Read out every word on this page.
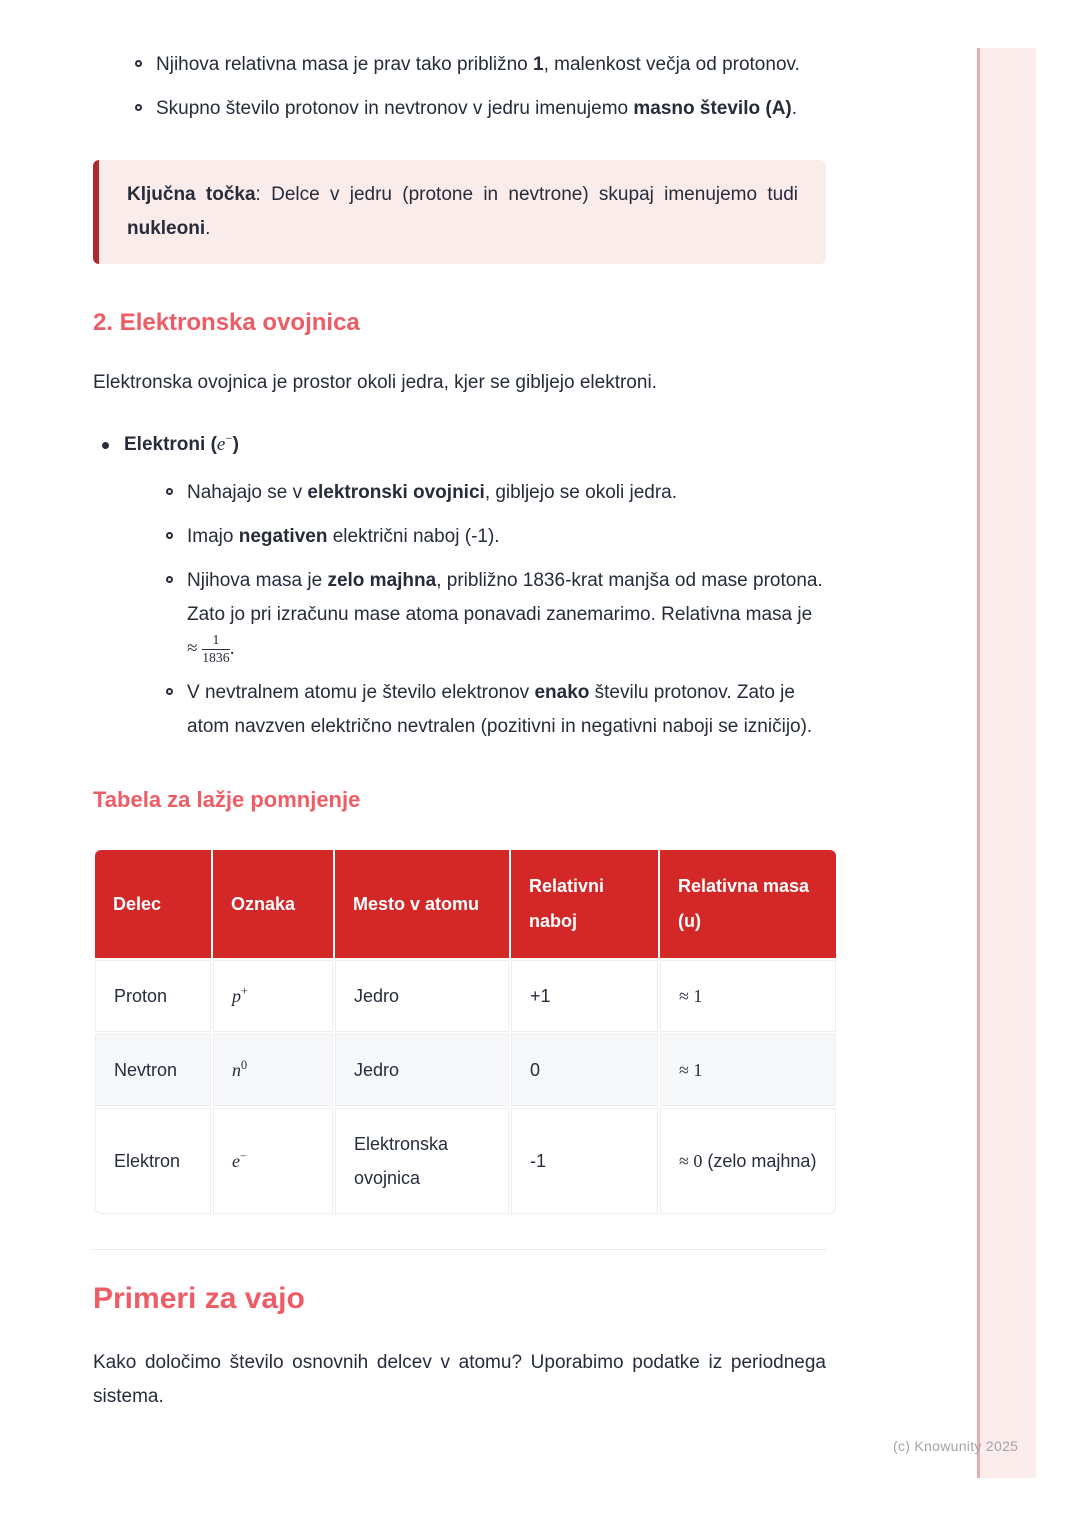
Njihova relativna masa je prav tako približno 1, malenkost večja od protonov.
Skupno število protonov in nevtronov v jedru imenujemo masno število (A).

Ključna točka: Delce v jedru (protone in nevtrone) skupaj imenujemo tudi nukleoni.

2. Elektronska ovojnica

Elektronska ovojnica je prostor okoli jedra, kjer se gibljejo elektroni.

Elektroni (e−)
Nahajajo se v elektronski ovojnici, gibljejo se okoli jedra.
Imajo negativen električni naboj (-1).
Njihova masa je zelo majhna, približno 1836-krat manjša od mase protona. Zato jo pri izračunu mase atoma ponavadi zanemarimo. Relativna masa je ≈ $\frac{1}{1836}$ .
V nevtralnem atomu je število elektronov enako številu protonov. Zato je atom navzven električno nevtralen (pozitivni in negativni naboji se izničijo).
Tabela za lažje pomnjenje
Delec	Oznaka	Mesto v atomu	Relativni naboj	Relativna masa (u)
Proton	p+	Jedro	+1	≈ 1
Nevtron	$n^0$	Jedro	0	≈ 1
Elektron	e−	Elektronska ovojnica	-1	≈ 0 (zelo majhna)
Primeri za vajo

Kako določimo število osnovnih delcev v atomu? Uporabimo podatke iz periodnega sistema.

(c) Knowunity 2025
